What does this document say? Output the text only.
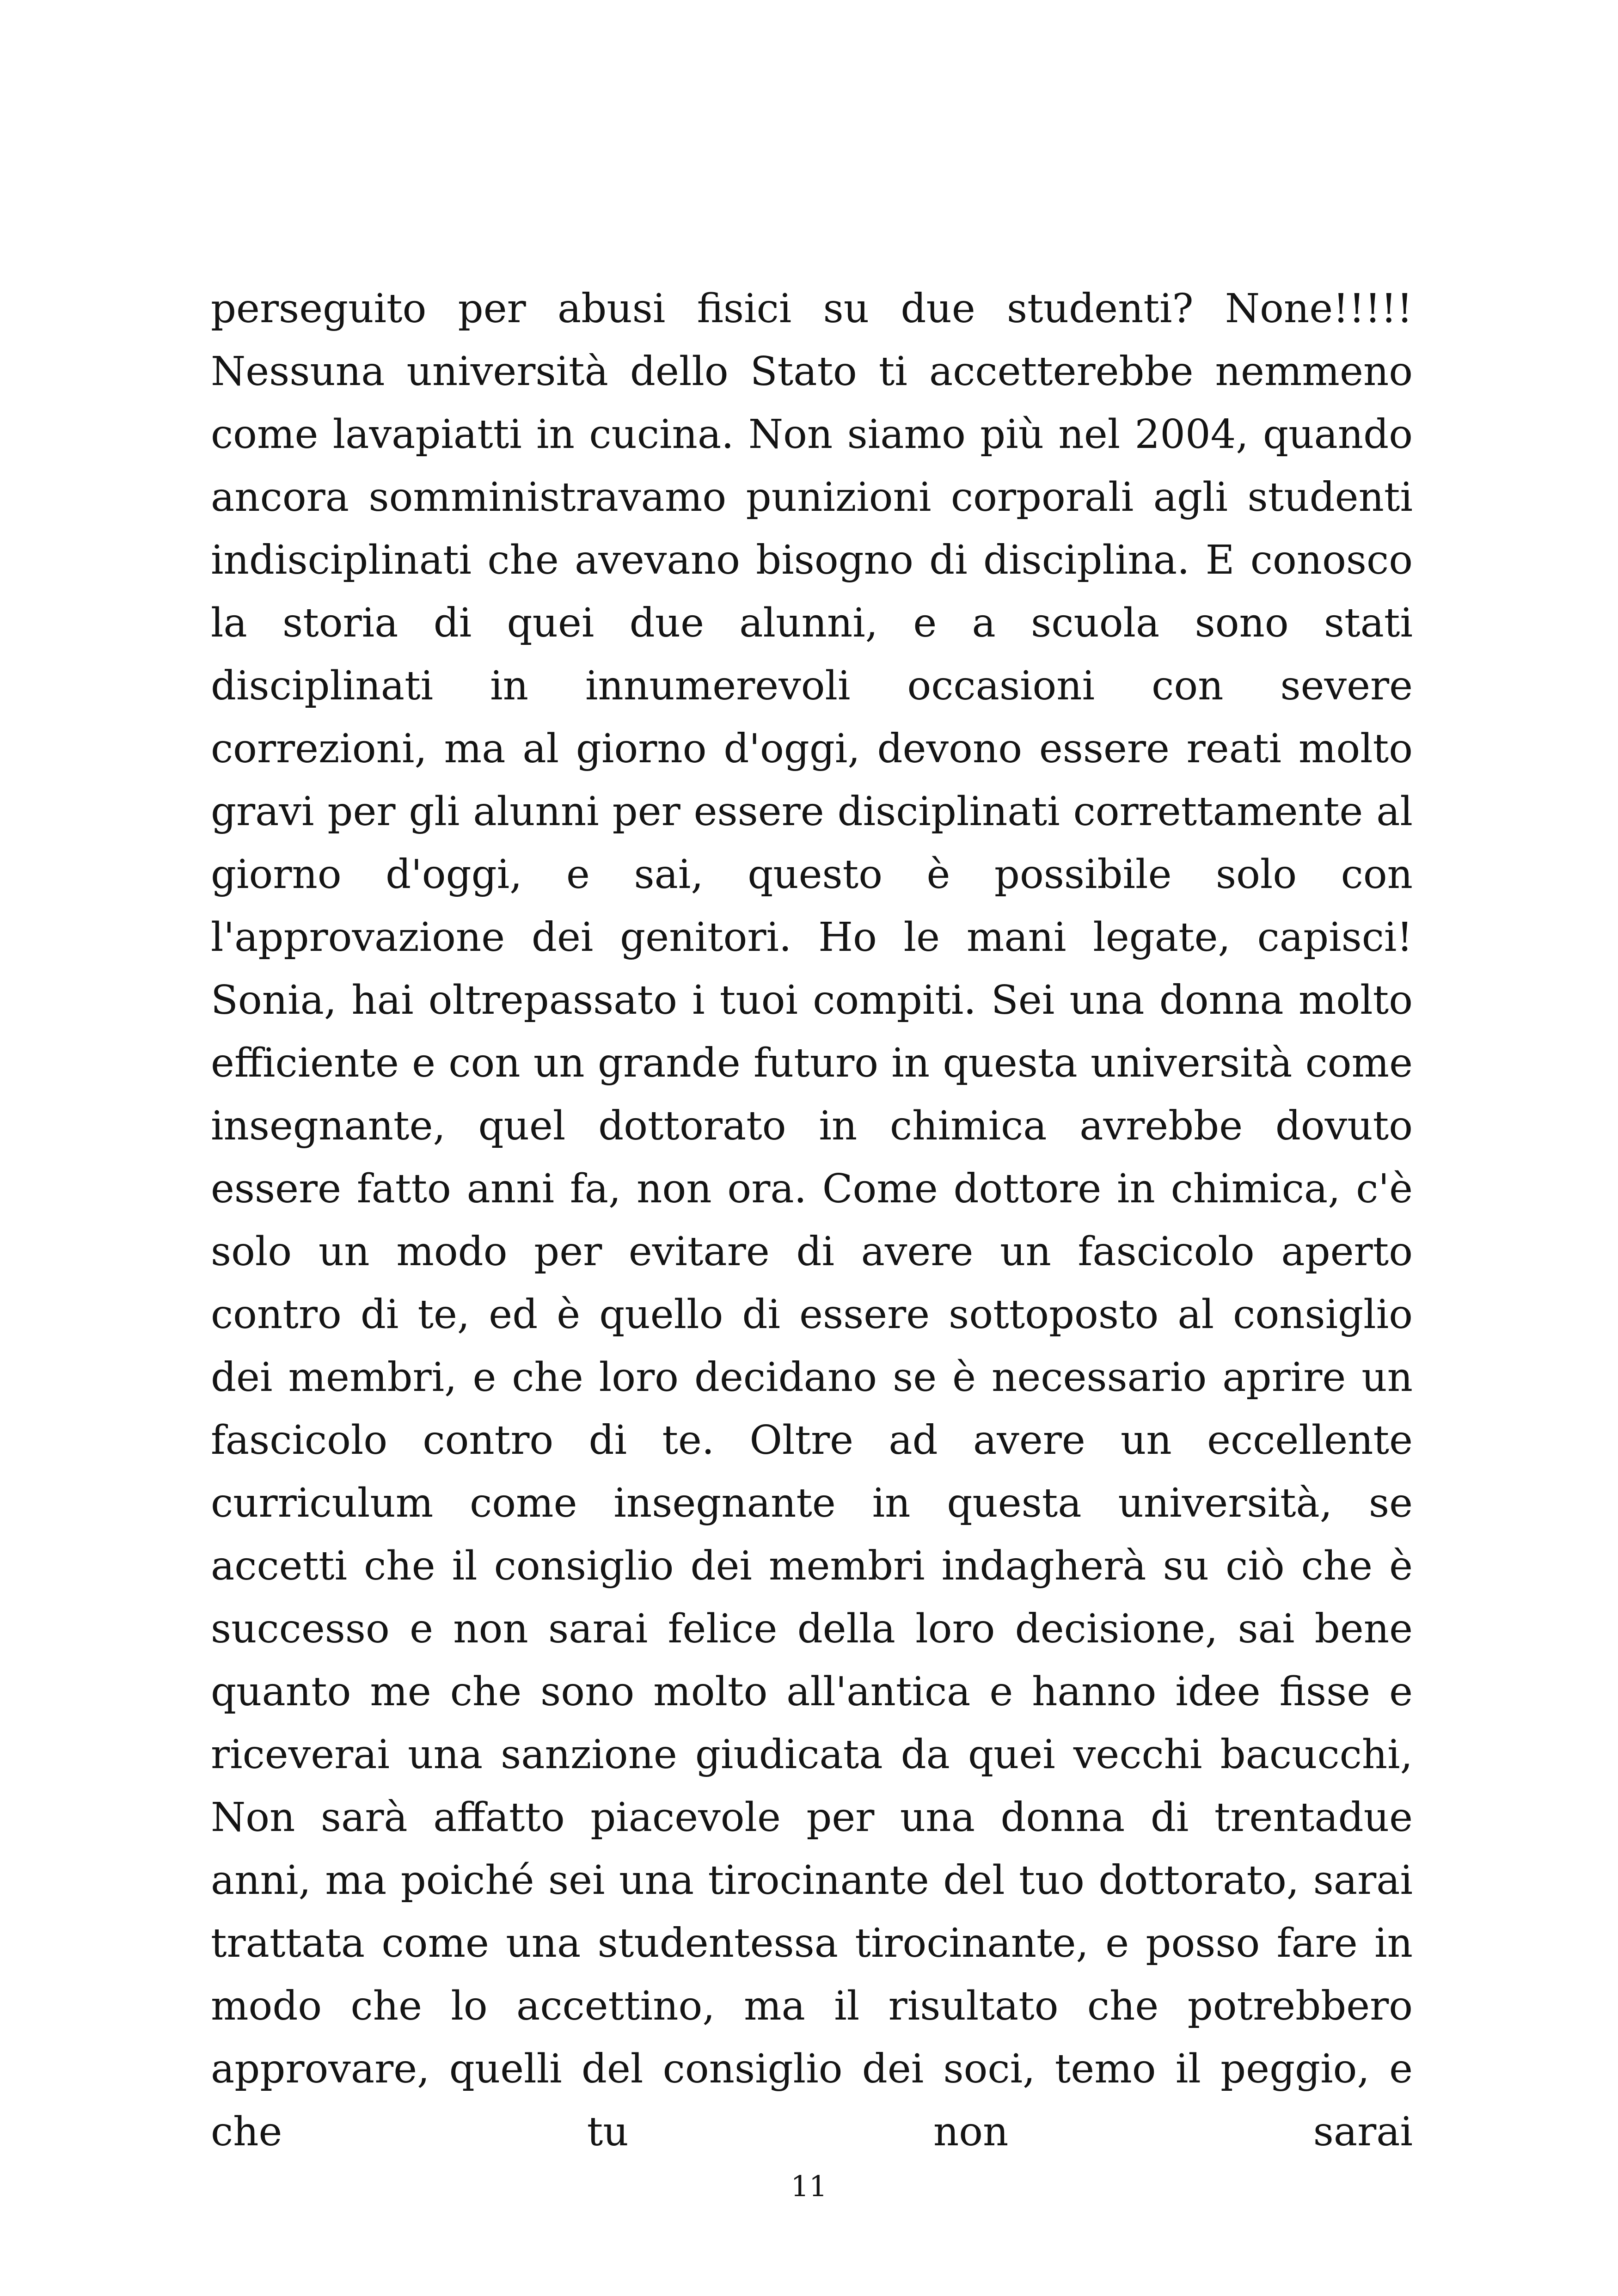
perseguito per abusi fisici su due studenti? None!!!!! Nessuna università dello Stato ti accetterebbe nemmeno come lavapiatti in cucina. Non siamo più nel 2004, quando ancora somministravamo punizioni corporali agli studenti indisciplinati che avevano bisogno di disciplina. E conosco la storia di quei due alunni, e a scuola sono stati disciplinati in innumerevoli occasioni con severe correzioni, ma al giorno d'oggi, devono essere reati molto gravi per gli alunni per essere disciplinati correttamente al giorno d'oggi, e sai, questo è possibile solo con l'approvazione dei genitori. Ho le mani legate, capisci! Sonia, hai oltrepassato i tuoi compiti. Sei una donna molto efficiente e con un grande futuro in questa università come insegnante, quel dottorato in chimica avrebbe dovuto essere fatto anni fa, non ora. Come dottore in chimica, c'è solo un modo per evitare di avere un fascicolo aperto contro di te, ed è quello di essere sottoposto al consiglio dei membri, e che loro decidano se è necessario aprire un fascicolo contro di te. Oltre ad avere un eccellente curriculum come insegnante in questa università, se accetti che il consiglio dei membri indagherà su ciò che è successo e non sarai felice della loro decisione, sai bene quanto me che sono molto all'antica e hanno idee fisse e riceverai una sanzione giudicata da quei vecchi bacucchi, Non sarà affatto piacevole per una donna di trentadue anni, ma poiché sei una tirocinante del tuo dottorato, sarai trattata come una studentessa tirocinante, e posso fare in modo che lo accettino, ma il risultato che potrebbero approvare, quelli del consiglio dei soci, temo il peggio, e che tu non sarai

11
